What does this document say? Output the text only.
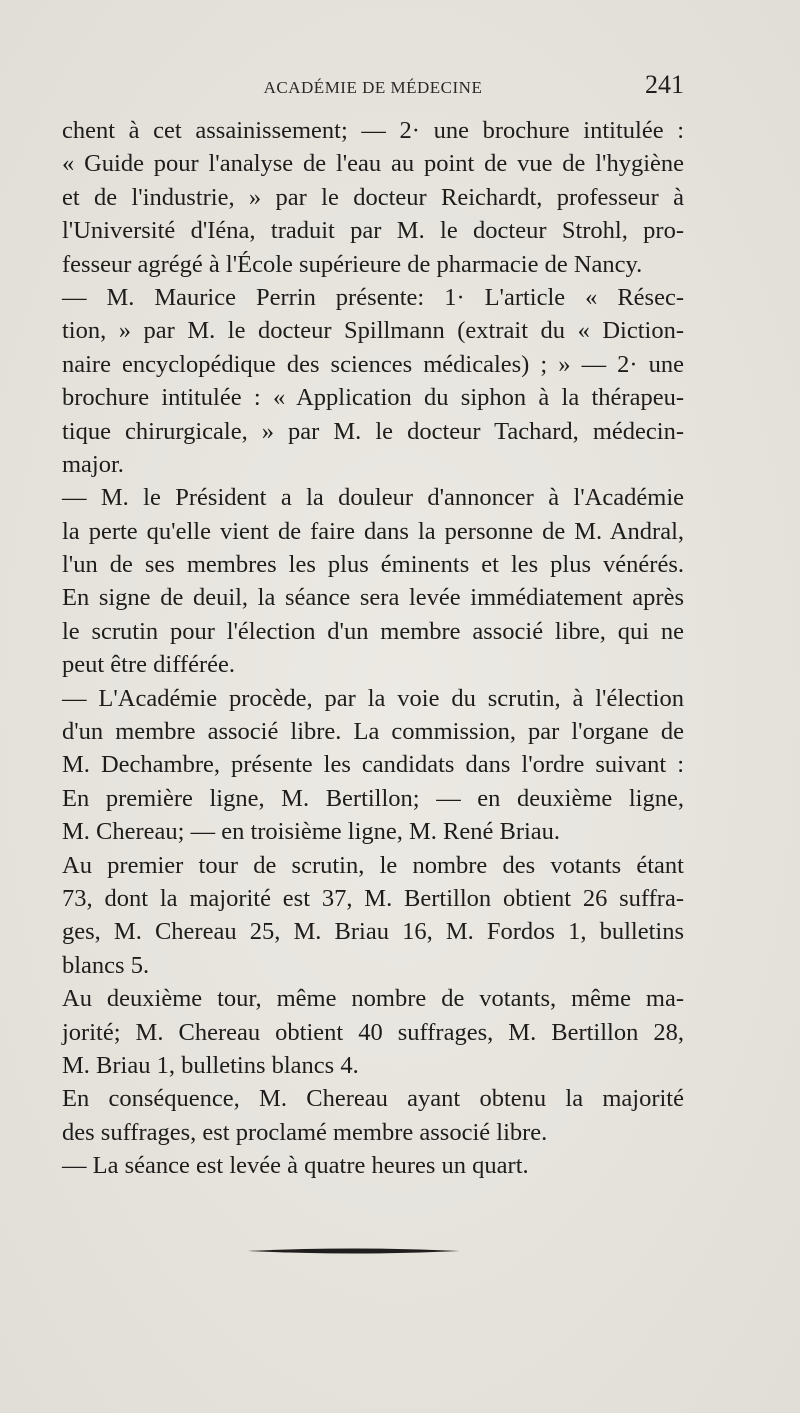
ACADÉMIE DE MÉDECINE	241
chent à cet assainissement; — 2· une brochure intitulée :
« Guide pour l'analyse de l'eau au point de vue de l'hygiène
et de l'industrie, » par le docteur Reichardt, professeur à
l'Université d'Iéna, traduit par M. le docteur Strohl, pro-
fesseur agrégé à l'École supérieure de pharmacie de Nancy.
— M. Maurice Perrin présente: 1· L'article « Résec-
tion, » par M. le docteur Spillmann (extrait du « Diction-
naire encyclopédique des sciences médicales) ; » — 2· une
brochure intitulée : « Application du siphon à la thérapeu-
tique chirurgicale, » par M. le docteur Tachard, médecin-
major.
— M. le Président a la douleur d'annoncer à l'Académie
la perte qu'elle vient de faire dans la personne de M. Andral,
l'un de ses membres les plus éminents et les plus vénérés.
En signe de deuil, la séance sera levée immédiatement après
le scrutin pour l'élection d'un membre associé libre, qui ne
peut être différée.
— L'Académie procède, par la voie du scrutin, à l'élection
d'un membre associé libre. La commission, par l'organe de
M. Dechambre, présente les candidats dans l'ordre suivant :
En première ligne, M. Bertillon; — en deuxième ligne,
M. Chereau; — en troisième ligne, M. René Briau.
Au premier tour de scrutin, le nombre des votants étant
73, dont la majorité est 37, M. Bertillon obtient 26 suffra-
ges, M. Chereau 25, M. Briau 16, M. Fordos 1, bulletins
blancs 5.
Au deuxième tour, même nombre de votants, même ma-
jorité; M. Chereau obtient 40 suffrages, M. Bertillon 28,
M. Briau 1, bulletins blancs 4.
En conséquence, M. Chereau ayant obtenu la majorité
des suffrages, est proclamé membre associé libre.
— La séance est levée à quatre heures un quart.
